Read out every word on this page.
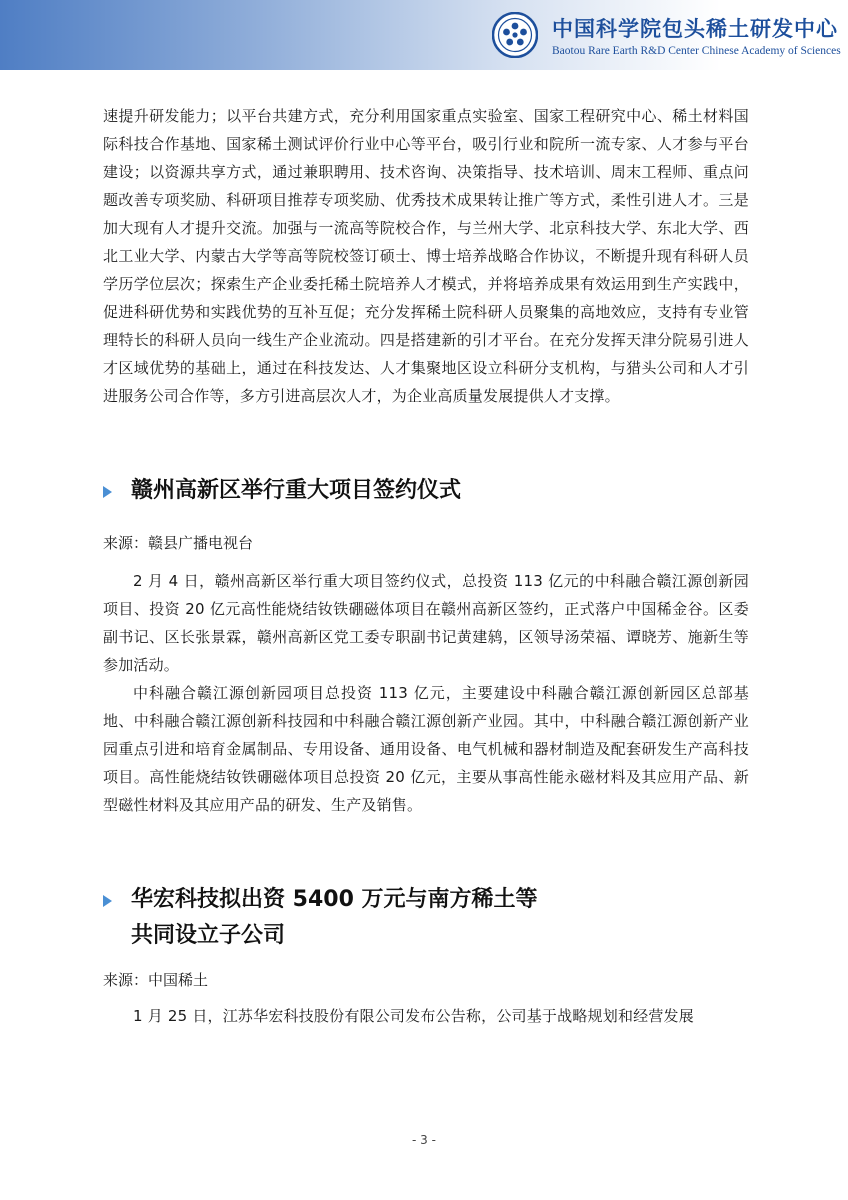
中国科学院包头稀土研发中心
Baotou Rare Earth R&D Center Chinese Academy of Sciences

速提升研发能力；以平台共建方式，充分利用国家重点实验室、国家工程研究中心、稀土材料国际科技合作基地、国家稀土测试评价行业中心等平台，吸引行业和院所一流专家、人才参与平台建设；以资源共享方式，通过兼职聘用、技术咨询、决策指导、技术培训、周末工程师、重点问题改善专项奖励、科研项目推荐专项奖励、优秀技术成果转让推广等方式，柔性引进人才。三是加大现有人才提升交流。加强与一流高等院校合作，与兰州大学、北京科技大学、东北大学、西北工业大学、内蒙古大学等高等院校签订硕士、博士培养战略合作协议，不断提升现有科研人员学历学位层次；探索生产企业委托稀土院培养人才模式，并将培养成果有效运用到生产实践中，促进科研优势和实践优势的互补互促；充分发挥稀土院科研人员聚集的高地效应，支持有专业管理特长的科研人员向一线生产企业流动。四是搭建新的引才平台。在充分发挥天津分院易引进人才区域优势的基础上，通过在科技发达、人才集聚地区设立科研分支机构，与猎头公司和人才引进服务公司合作等，多方引进高层次人才，为企业高质量发展提供人才支撑。

赣州高新区举行重大项目签约仪式

来源：赣县广播电视台

2 月 4 日，赣州高新区举行重大项目签约仪式，总投资 113 亿元的中科融合赣江源创新园项目、投资 20 亿元高性能烧结钕铁硼磁体项目在赣州高新区签约，正式落户中国稀金谷。区委副书记、区长张景霖，赣州高新区党工委专职副书记黄建鸫，区领导汤荣福、谭晓芳、施新生等参加活动。

中科融合赣江源创新园项目总投资 113 亿元，主要建设中科融合赣江源创新园区总部基地、中科融合赣江源创新科技园和中科融合赣江源创新产业园。其中，中科融合赣江源创新产业园重点引进和培育金属制品、专用设备、通用设备、电气机械和器材制造及配套研发生产高科技项目。高性能烧结钕铁硼磁体项目总投资 20 亿元，主要从事高性能永磁材料及其应用产品、新型磁性材料及其应用产品的研发、生产及销售。

华宏科技拟出资 5400 万元与南方稀土等
共同设立子公司

来源：中国稀土

1 月 25 日，江苏华宏科技股份有限公司发布公告称，公司基于战略规划和经营发展

- 3 -
